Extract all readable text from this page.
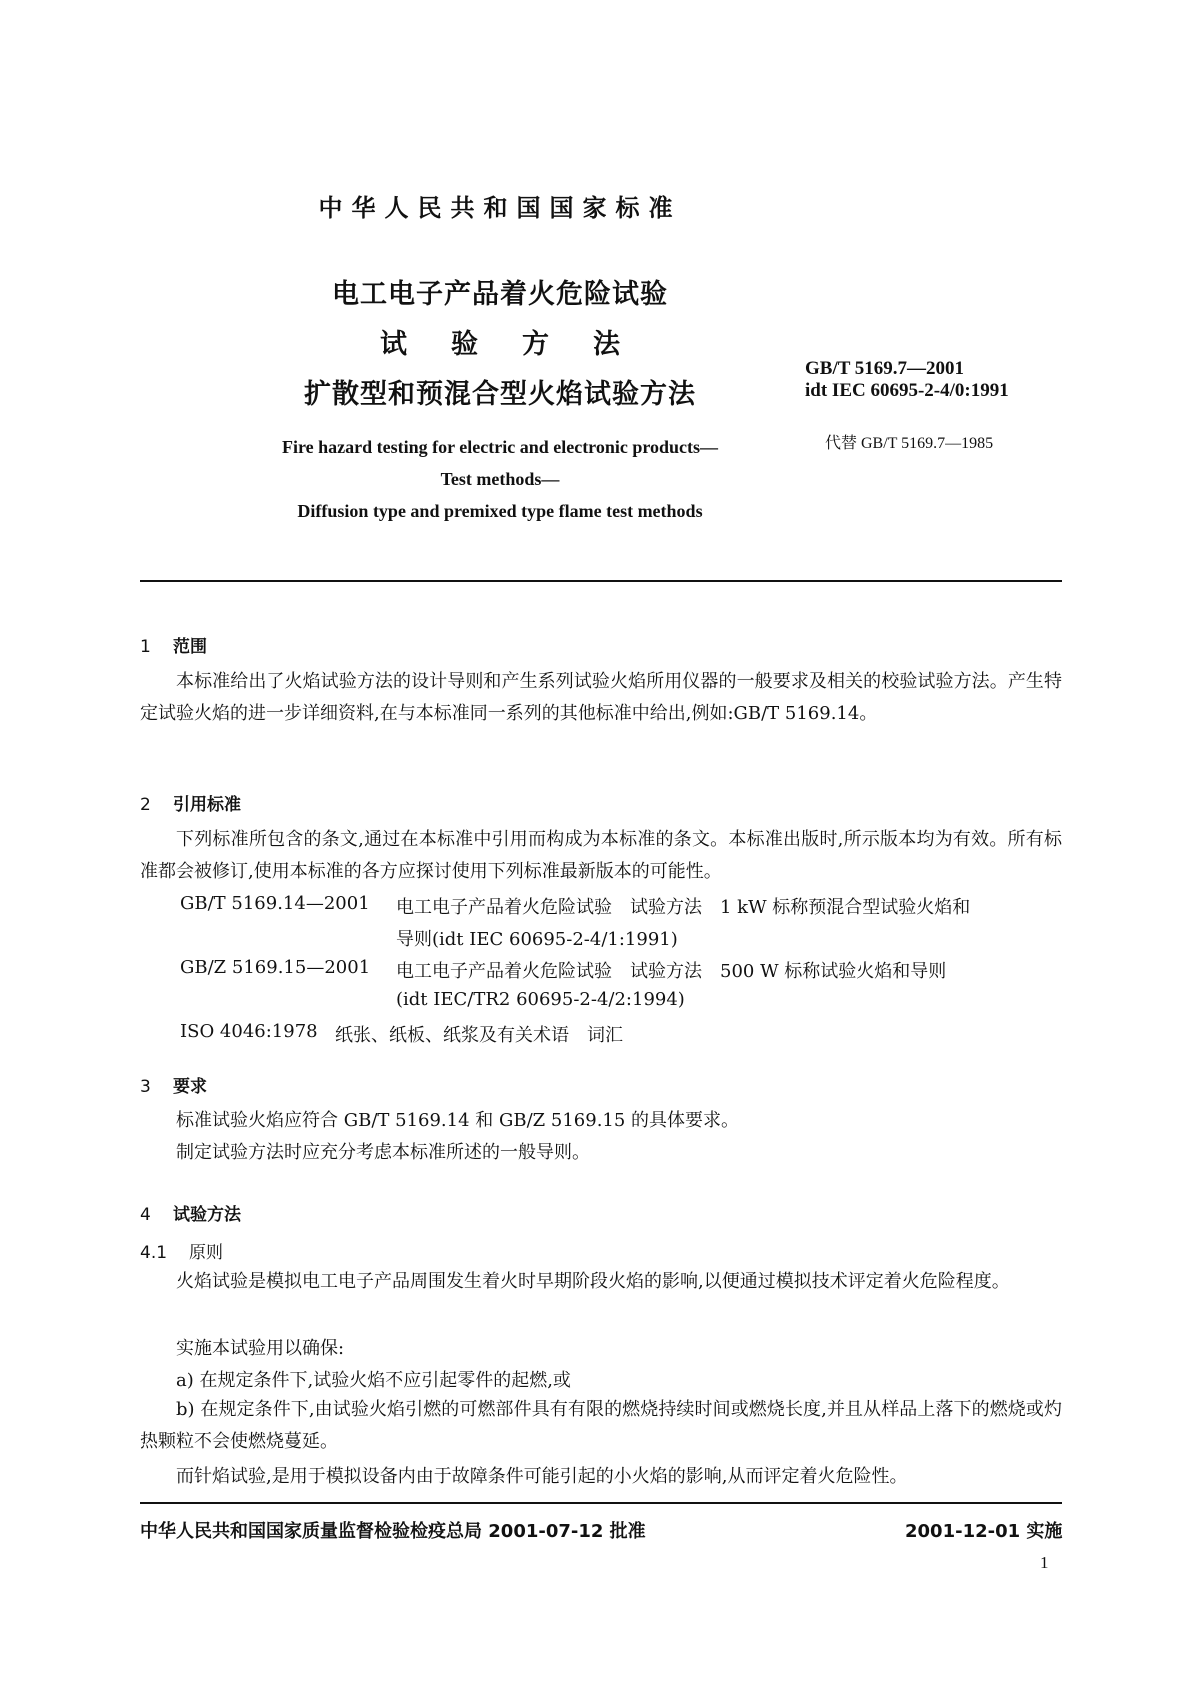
中华人民共和国国家标准
电工电子产品着火危险试验
试验方法
扩散型和预混合型火焰试验方法
GB/T 5169.7—2001
idt IEC 60695-2-4/0:1991
代替 GB/T 5169.7—1985
Fire hazard testing for electric and electronic products—
Test methods—
Diffusion type and premixed type flame test methods
1 范围
本标准给出了火焰试验方法的设计导则和产生系列试验火焰所用仪器的一般要求及相关的校验试验方法。产生特定试验火焰的进一步详细资料,在与本标准同一系列的其他标准中给出,例如:GB/T 5169.14。
2 引用标准
下列标准所包含的条文,通过在本标准中引用而构成为本标准的条文。本标准出版时,所示版本均为有效。所有标准都会被修订,使用本标准的各方应探讨使用下列标准最新版本的可能性。
GB/T 5169.14—2001 电工电子产品着火危险试验　试验方法　1 kW 标称预混合型试验火焰和
导则(idt IEC 60695-2-4/1:1991)
GB/Z 5169.15—2001 电工电子产品着火危险试验　试验方法　500 W 标称试验火焰和导则
(idt IEC/TR2 60695-2-4/2:1994)
ISO 4046:1978 纸张、纸板、纸浆及有关术语　词汇
3 要求
标准试验火焰应符合 GB/T 5169.14 和 GB/Z 5169.15 的具体要求。
制定试验方法时应充分考虑本标准所述的一般导则。
4 试验方法
4.1 原则
火焰试验是模拟电工电子产品周围发生着火时早期阶段火焰的影响,以便通过模拟技术评定着火危险程度。
实施本试验用以确保:
a) 在规定条件下,试验火焰不应引起零件的起燃,或
b) 在规定条件下,由试验火焰引燃的可燃部件具有有限的燃烧持续时间或燃烧长度,并且从样品上落下的燃烧或灼热颗粒不会使燃烧蔓延。
而针焰试验,是用于模拟设备内由于故障条件可能引起的小火焰的影响,从而评定着火危险性。
中华人民共和国国家质量监督检验检疫总局 2001-07-12 批准	2001-12-01 实施
1
